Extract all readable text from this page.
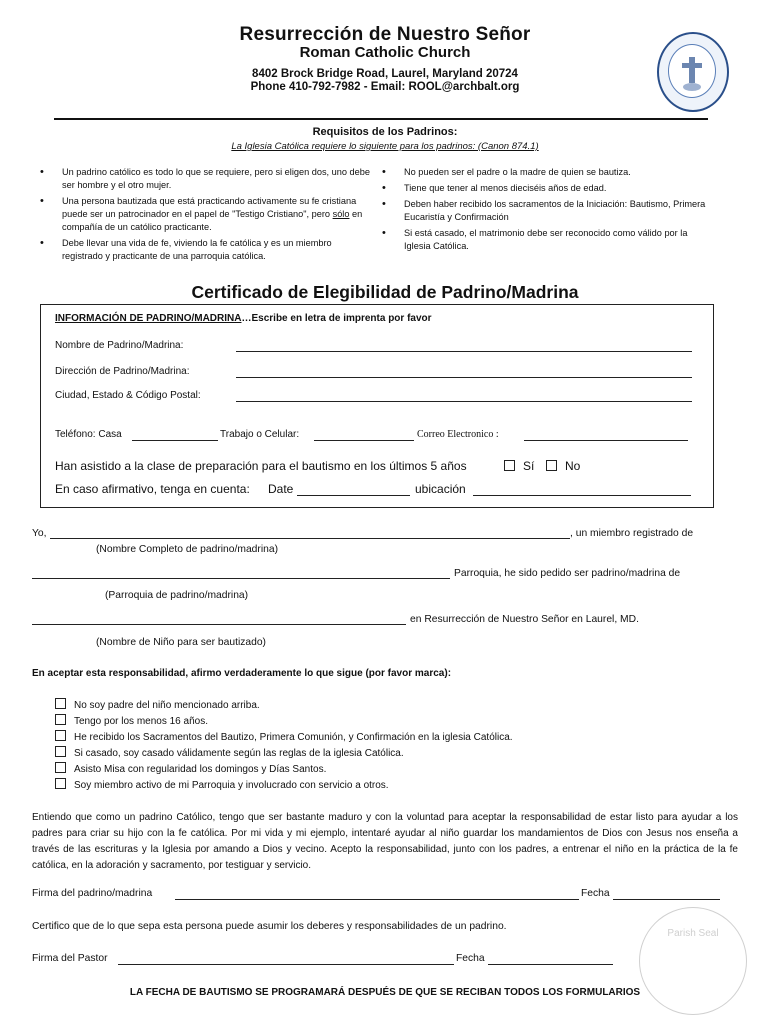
Resurrección de Nuestro Señor
Roman Catholic Church
8402 Brock Bridge Road, Laurel, Maryland 20724
Phone 410-792-7982 - Email: ROOL@archbalt.org
Requisitos de los Padrinos:
La Iglesia Católica requiere lo siguiente para los padrinos: (Canon 874.1)
• Un padrino católico es todo lo que se requiere, pero si eligen dos, uno debe ser hombre y el otro mujer.
• Una persona bautizada que está practicando activamente su fe cristiana puede ser un patrocinador en el papel de "Testigo Cristiano", pero sólo en compañía de un católico practicante.
• Debe llevar una vida de fe, viviendo la fe católica y es un miembro registrado y practicante de una parroquia católica.
• No pueden ser el padre o la madre de quien se bautiza.
• Tiene que tener al menos dieciséis años de edad.
• Deben haber recibido los sacramentos de la Iniciación: Bautismo, Primera Eucaristía y Confirmación
• Si está casado, el matrimonio debe ser reconocido como válido por la Iglesia Católica.
Certificado de Elegibilidad de Padrino/Madrina
INFORMACIÓN DE PADRINO/MADRINA…Escribe en letra de imprenta por favor
Nombre de Padrino/Madrina:
Dirección de Padrino/Madrina:
Ciudad, Estado & Código Postal:
Teléfono: Casa	Trabajo o Celular:	Correo Electronico :
Han asistido a la clase de preparación para el bautismo en los últimos 5 años	Sí	No
En caso afirmativo, tenga en cuenta: Date	ubicación
Yo,	, un miembro registrado de
(Nombre Completo de padrino/madrina)
Parroquia, he sido pedido ser padrino/madrina de
(Parroquia de padrino/madrina)
en Resurrección de Nuestro Señor en Laurel, MD.
(Nombre de Niño para ser bautizado)
En aceptar esta responsabilidad, afirmo verdaderamente lo que sigue (por favor marca):
No soy padre del niño mencionado arriba.
Tengo por los menos 16 años.
He recibido los Sacramentos del Bautizo, Primera Comunión, y Confirmación en la iglesia Católica.
Si casado, soy casado válidamente según las reglas de la iglesia Católica.
Asisto Misa con regularidad los domingos y Días Santos.
Soy miembro activo de mi Parroquia y involucrado con servicio a otros.
Entiendo que como un padrino Católico, tengo que ser bastante maduro y con la voluntad para aceptar la responsabilidad de estar listo para ayudar a los padres para criar su hijo con la fe católica. Por mi vida y mi ejemplo, intentaré ayudar al niño guardar los mandamientos de Dios con Jesus nos enseña a través de las escrituras y la Iglesia por amando a Dios y vecino. Acepto la responsabilidad, junto con los padres, a entrenar el niño en la práctica de la fe católica, en la adoración y sacramento, por testiguar y servicio.
Firma del padrino/madrina	Fecha
Certifico que de lo que sepa esta persona puede asumir los deberes y responsabilidades de un padrino.
Firma del Pastor	Fecha
Parish Seal
LA FECHA DE BAUTISMO SE PROGRAMARÁ DESPUÉS DE QUE SE RECIBAN TODOS LOS FORMULARIOS
